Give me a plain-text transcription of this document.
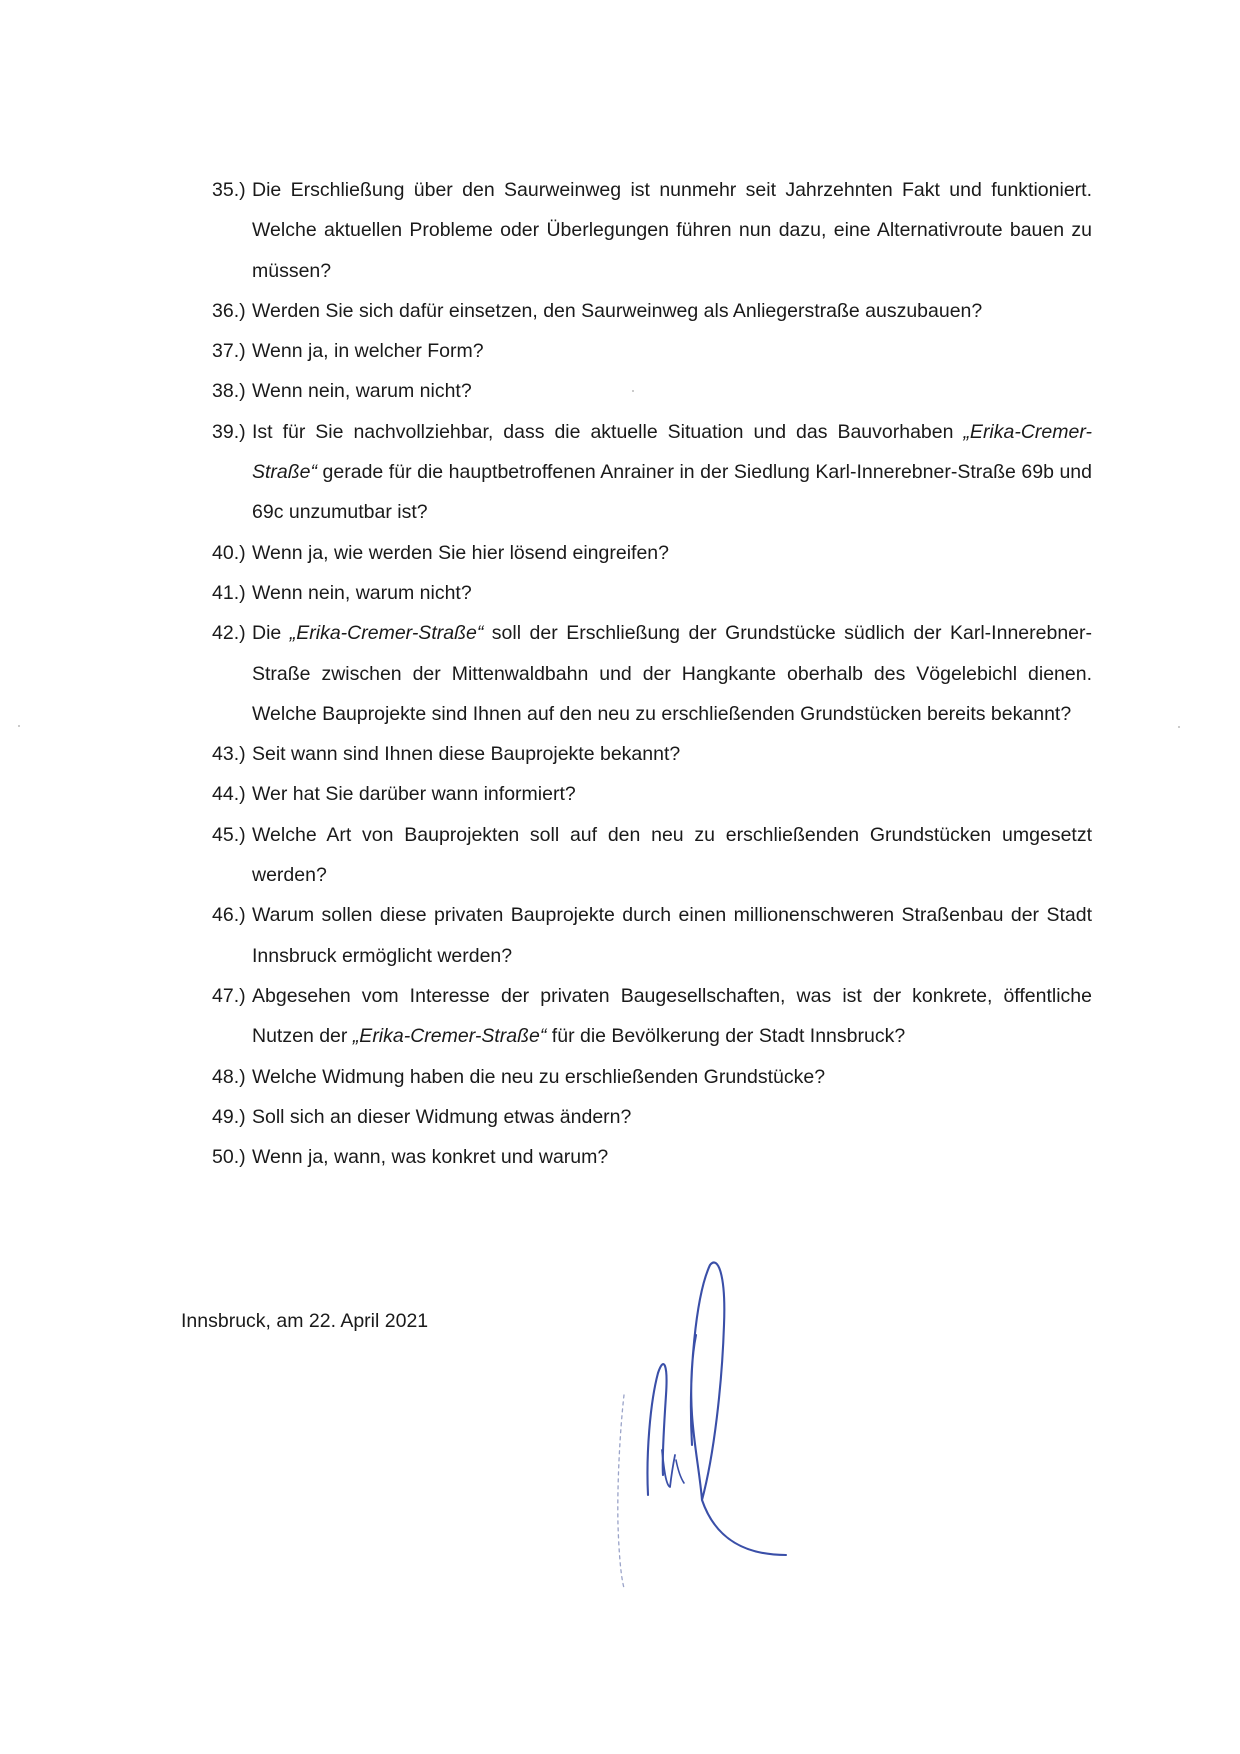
35.) Die Erschließung über den Saurweinweg ist nunmehr seit Jahrzehnten Fakt und funktioniert. Welche aktuellen Probleme oder Überlegungen führen nun dazu, eine Alternativroute bauen zu müssen?
36.) Werden Sie sich dafür einsetzen, den Saurweinweg als Anliegerstraße auszubauen?
37.) Wenn ja, in welcher Form?
38.) Wenn nein, warum nicht?
39.) Ist für Sie nachvollziehbar, dass die aktuelle Situation und das Bauvorhaben „Erika-Cremer-Straße“ gerade für die hauptbetroffenen Anrainer in der Siedlung Karl-Innerebner-Straße 69b und 69c unzumutbar ist?
40.) Wenn ja, wie werden Sie hier lösend eingreifen?
41.) Wenn nein, warum nicht?
42.) Die „Erika-Cremer-Straße“ soll der Erschließung der Grundstücke südlich der Karl-Innerebner-Straße zwischen der Mittenwaldbahn und der Hangkante oberhalb des Vögelebichl dienen. Welche Bauprojekte sind Ihnen auf den neu zu erschließenden Grundstücken bereits bekannt?
43.) Seit wann sind Ihnen diese Bauprojekte bekannt?
44.) Wer hat Sie darüber wann informiert?
45.) Welche Art von Bauprojekten soll auf den neu zu erschließenden Grundstücken umgesetzt werden?
46.) Warum sollen diese privaten Bauprojekte durch einen millionenschweren Straßenbau der Stadt Innsbruck ermöglicht werden?
47.) Abgesehen vom Interesse der privaten Baugesellschaften, was ist der konkrete, öffentliche Nutzen der „Erika-Cremer-Straße“ für die Bevölkerung der Stadt Innsbruck?
48.) Welche Widmung haben die neu zu erschließenden Grundstücke?
49.) Soll sich an dieser Widmung etwas ändern?
50.) Wenn ja, wann, was konkret und warum?
Innsbruck, am 22. April 2021
